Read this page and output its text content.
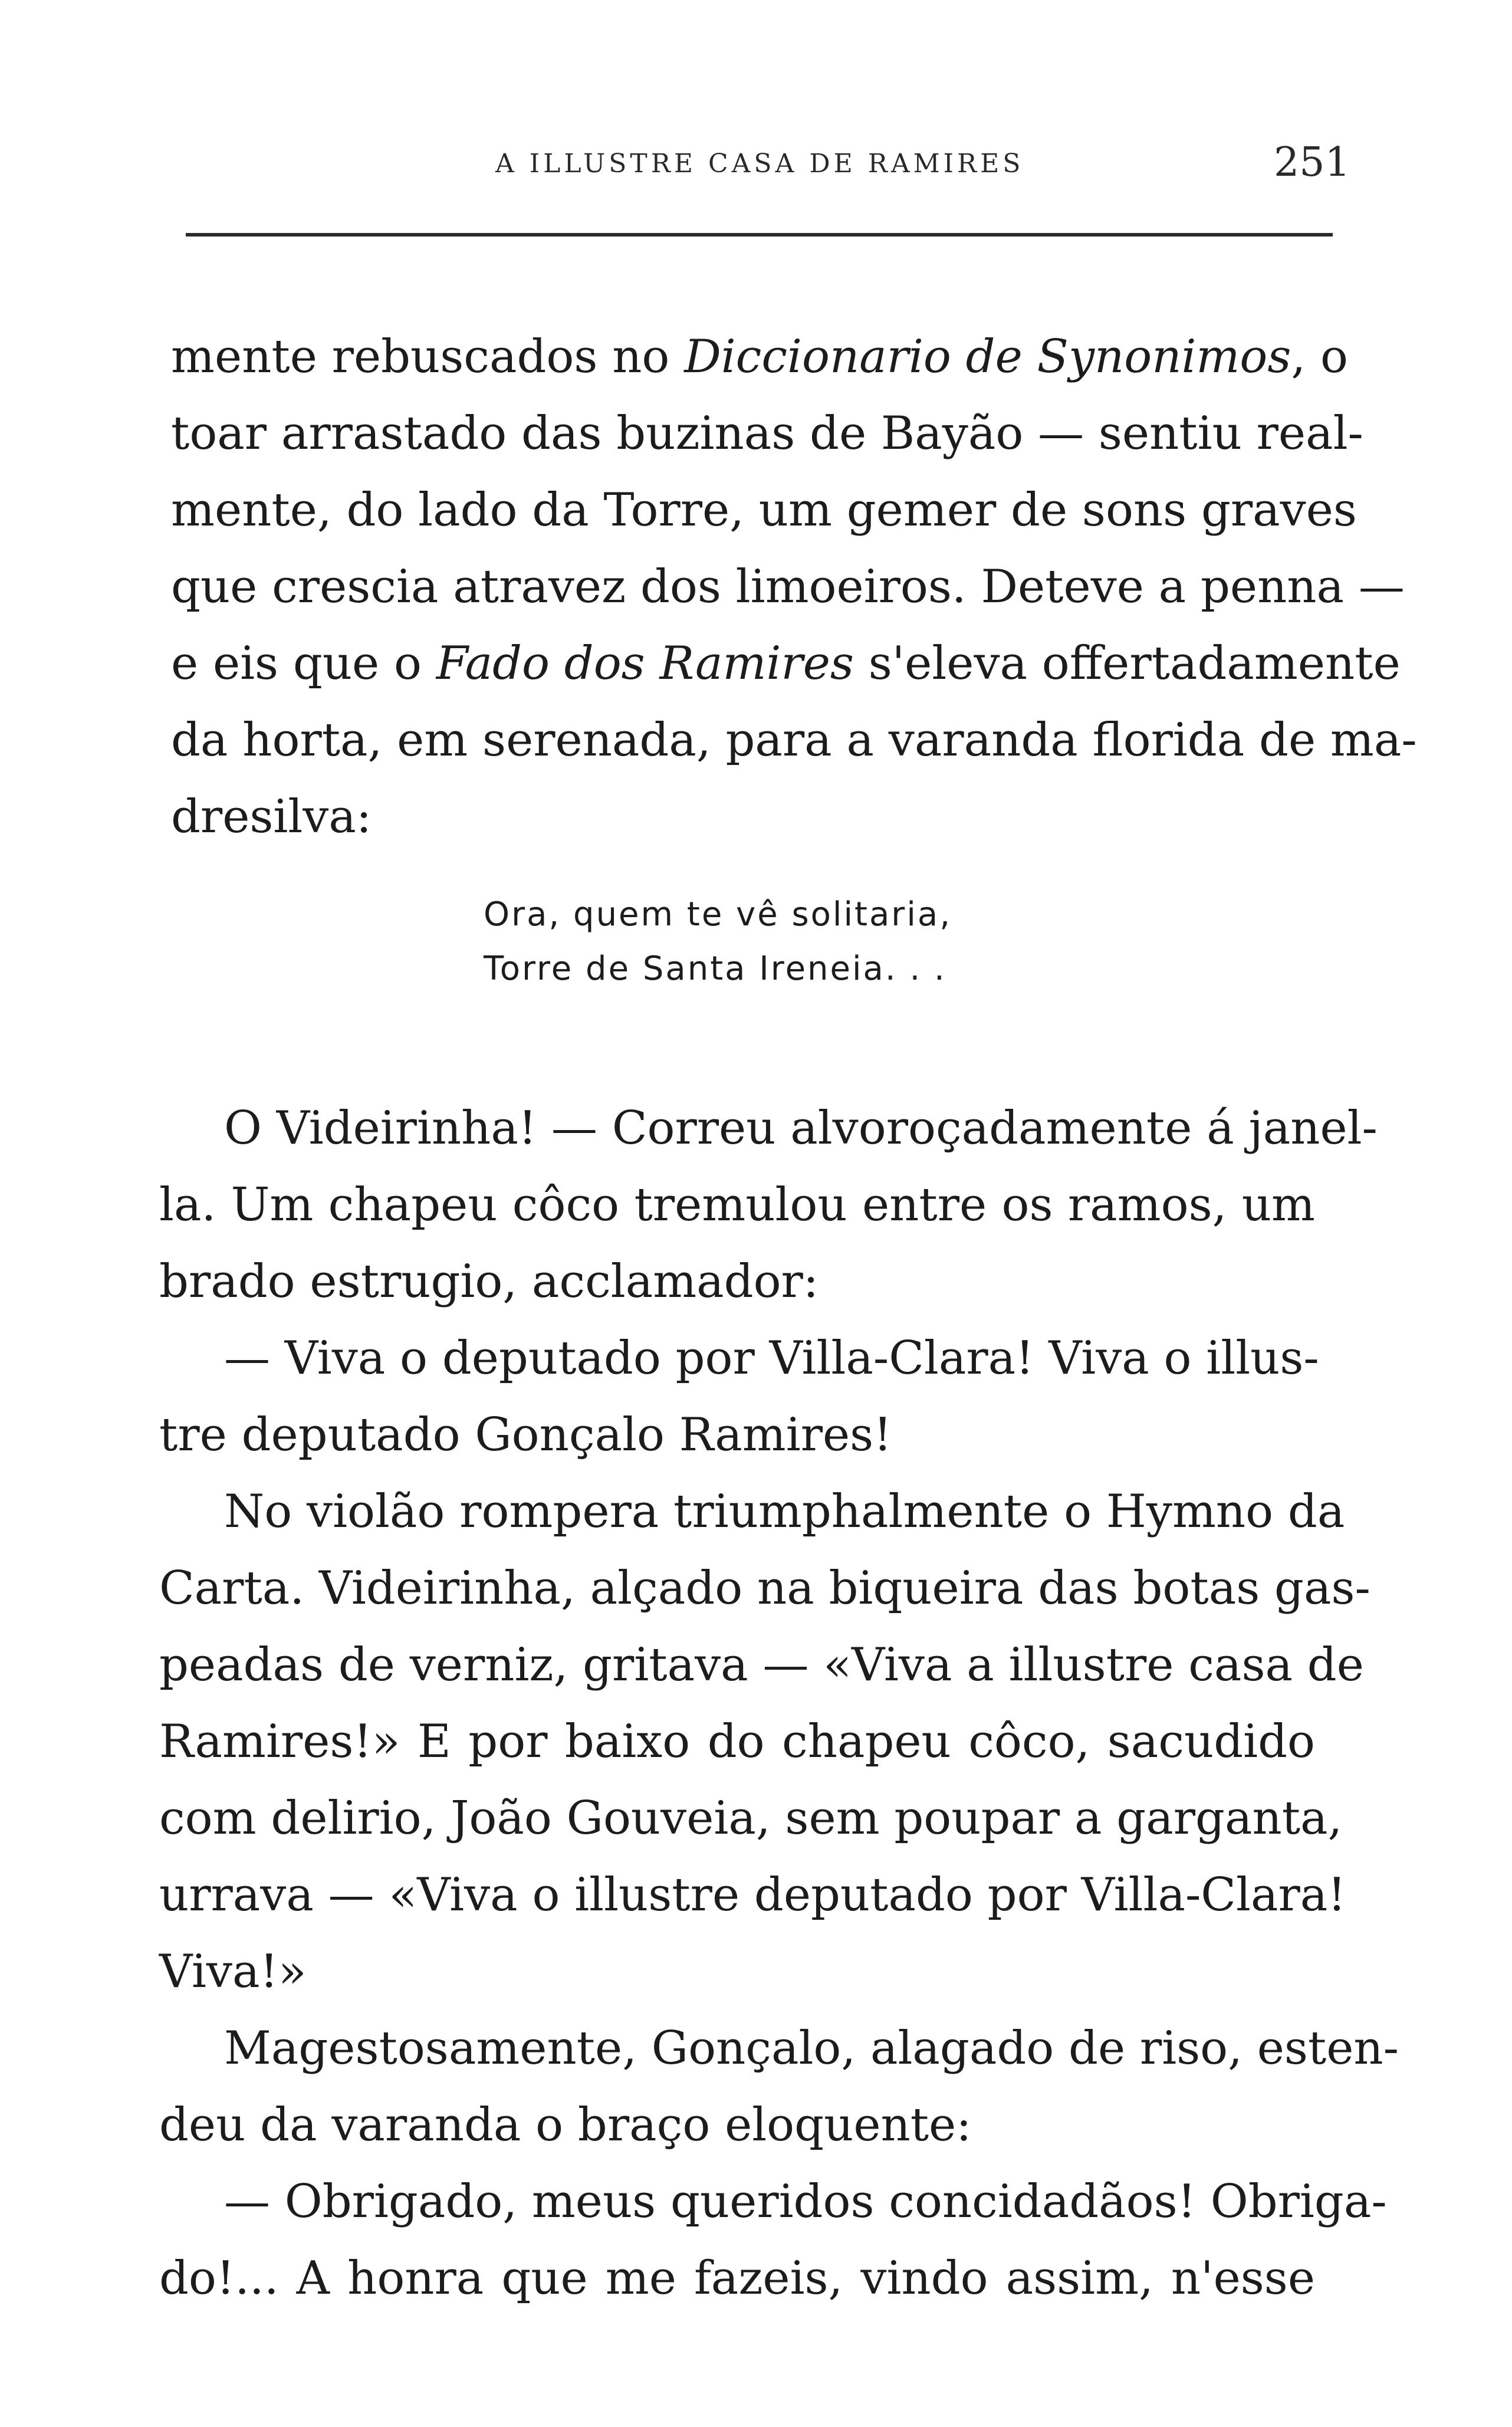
A ILLUSTRE CASA DE RAMIRES	251
mente rebuscados no Diccionario de Synonimos, o
toar arrastado das buzinas de Bayão — sentiu real-
mente, do lado da Torre, um gemer de sons graves
que crescia atravez dos limoeiros. Deteve a penna —
e eis que o Fado dos Ramires s'eleva offertadamente
da horta, em serenada, para a varanda florida de ma-
dresilva:
Ora, quem te vê solitaria,
Torre de Santa Ireneia. . .
O Videirinha! — Correu alvoroçadamente á janel-
la. Um chapeu côco tremulou entre os ramos, um
brado estrugio, acclamador:
— Viva o deputado por Villa-Clara! Viva o illus-
tre deputado Gonçalo Ramires!
No violão rompera triumphalmente o Hymno da
Carta. Videirinha, alçado na biqueira das botas gas-
peadas de verniz, gritava — «Viva a illustre casa de
Ramires!» E por baixo do chapeu côco, sacudido
com delirio, João Gouveia, sem poupar a garganta,
urrava — «Viva o illustre deputado por Villa-Clara!
Viva!»
Magestosamente, Gonçalo, alagado de riso, esten-
deu da varanda o braço eloquente:
— Obrigado, meus queridos concidadãos! Obriga-
do!... A honra que me fazeis, vindo assim, n'esse
